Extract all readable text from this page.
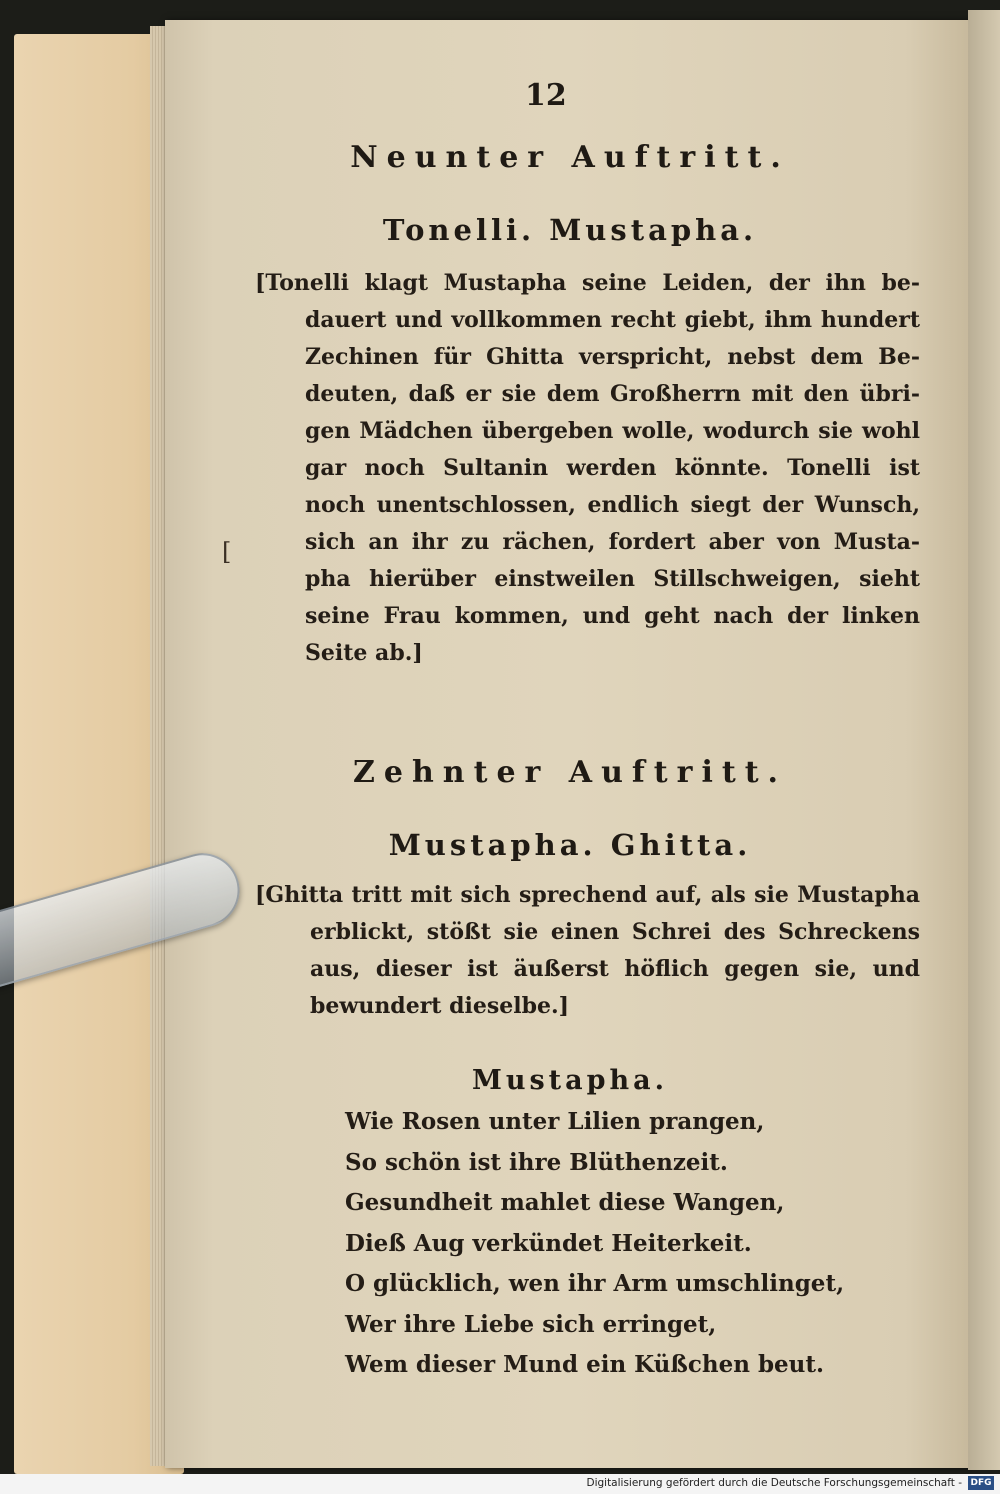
12
Neunter Auftritt.
Tonelli. Mustapha.
[Tonelli klagt Mustapha seine Leiden, der ihn be-
dauert und vollkommen recht giebt, ihm hundert
Zechinen für Ghitta verspricht, nebst dem Be-
deuten, daß er sie dem Großherrn mit den übri-
gen Mädchen übergeben wolle, wodurch sie wohl
gar noch Sultanin werden könnte. Tonelli ist
noch unentschlossen, endlich siegt der Wunsch,
sich an ihr zu rächen, fordert aber von Musta-
pha hierüber einstweilen Stillschweigen, sieht
seine Frau kommen, und geht nach der linken
Seite ab.]
[
Zehnter Auftritt.
Mustapha. Ghitta.
[Ghitta tritt mit sich sprechend auf, als sie Mustapha
erblickt, stößt sie einen Schrei des Schreckens
aus, dieser ist äußerst höflich gegen sie, und
bewundert dieselbe.]
Mustapha.
Wie Rosen unter Lilien prangen,
So schön ist ihre Blüthenzeit.
Gesundheit mahlet diese Wangen,
Dieß Aug verkündet Heiterkeit.
O glücklich, wen ihr Arm umschlinget,
Wer ihre Liebe sich erringet,
Wem dieser Mund ein Küßchen beut.
Digitalisierung gefördert durch die Deutsche Forschungsgemeinschaft - DFG
